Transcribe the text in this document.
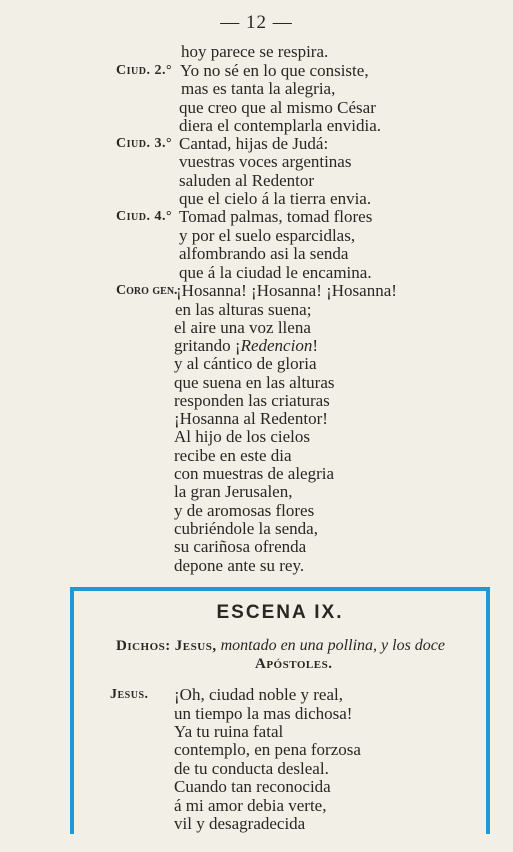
— 12 —
Ciud. 2.°
Ciud. 3.°
Ciud. 4.°
Coro gen.
hoy parece se respira.
Yo no sé en lo que consiste,
mas es tanta la alegria,
que creo que al mismo César
diera el contemplarla envidia.
Cantad, hijas de Judá:
vuestras voces argentinas
saluden al Redentor
que el cielo á la tierra envia.
Tomad palmas, tomad flores
y por el suelo esparcidlas,
alfombrando asi la senda
que á la ciudad le encamina.
¡Hosanna! ¡Hosanna! ¡Hosanna!
en las alturas suena;
el aire una voz llena
gritando ¡Redencion!
y al cántico de gloria
que suena en las alturas
responden las criaturas
¡Hosanna al Redentor!
Al hijo de los cielos
recibe en este dia
con muestras de alegria
la gran Jerusalen,
y de aromosas flores
cubriéndole la senda,
su cariñosa ofrenda
depone ante su rey.
ESCENA IX.
Dichos: Jesus, montado en una pollina, y los doce
Apóstoles.
Jesus. ¡Oh, ciudad noble y real,
un tiempo la mas dichosa!
Ya tu ruina fatal
contemplo, en pena forzosa
de tu conducta desleal.
Cuando tan reconocida
á mi amor debia verte,
vil y desagradecida
